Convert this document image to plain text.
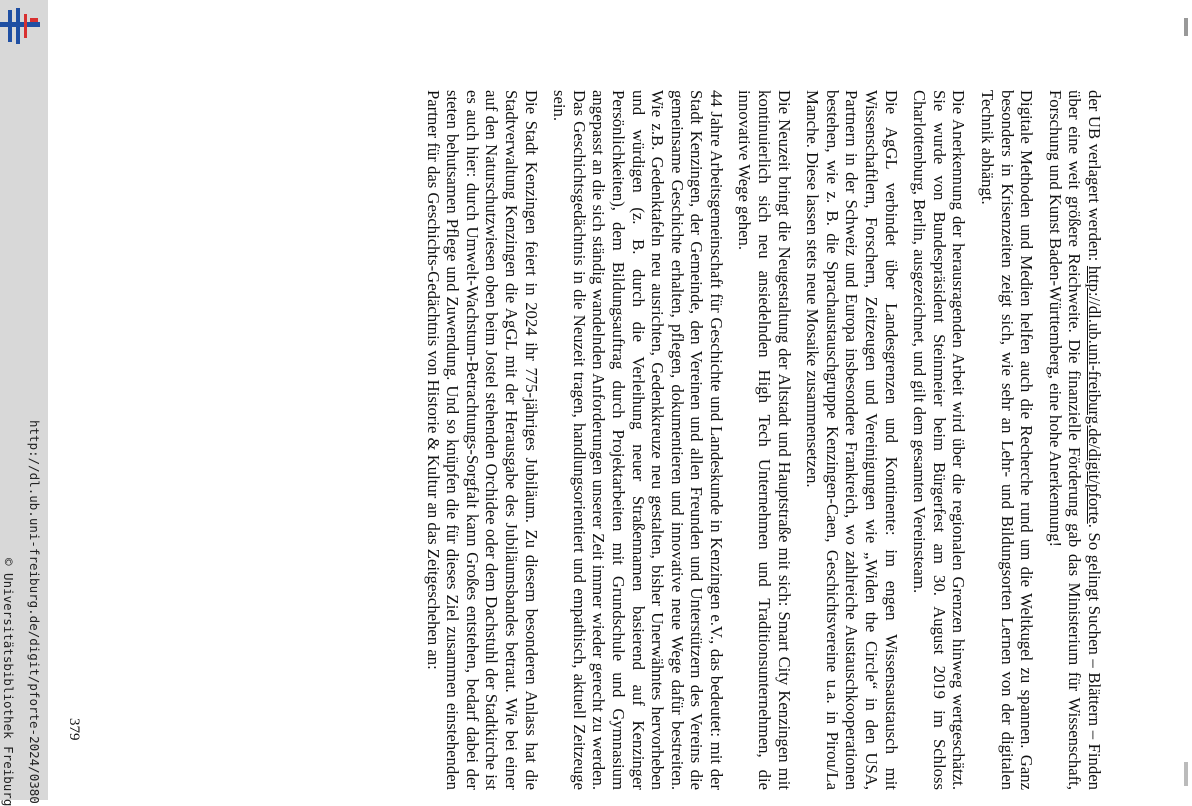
http://dl.ub.uni-freiburg.de/digit/pforte-2024/0380
© Universitätsbibliothek Freiburg

der UB verlagert werden: http://dl.ub.uni-freiburg.de/digit/pforte. So gelingt Suchen – Blättern – Finden über eine weit größere Reichweite. Die finanzielle Förderung gab das Ministerium für Wissenschaft, Forschung und Kunst Baden-Württemberg, eine hohe Anerkennung!

Digitale Methoden und Medien helfen auch die Recherche rund um die Weltkugel zu spannen. Ganz besonders in Krisenzeiten zeigt sich, wie sehr an Lehr- und Bildungsorten Lernen von der digitalen Technik abhängt.

Die Anerkennung der herausragenden Arbeit wird über die regionalen Grenzen hinweg wertgeschätzt. Sie wurde von Bundespräsident Steinmeier beim Bürgerfest am 30. August 2019 im Schloss Charlottenburg, Berlin, ausgezeichnet, und gilt dem gesamten Vereinsteam.

Die AgGL verbindet über Landesgrenzen und Kontinente: im engen Wissensaustausch mit Wissenschaftlern, Forschern, Zeitzeugen und Vereinigungen wie „Widen the Circle“ in den USA, Partnern in der Schweiz und Europa insbesondere Frankreich, wo zahlreiche Austauschkooperationen bestehen, wie z. B. die Sprachaustauschgruppe Kenzingen-Caen, Geschichtsvereine u.a. in Pirou/La Manche. Diese lassen stets neue Mosaike zusammensetzen.

Die Neuzeit bringt die Neugestaltung der Altstadt und Hauptstraße mit sich: Smart City Kenzingen mit kontinuierlich sich neu ansiedelnden High Tech Unternehmen und Traditionsunternehmen, die innovative Wege gehen.

44 Jahre Arbeitsgemeinschaft für Geschichte und Landeskunde in Kenzingen e.V., das bedeutet: mit der Stadt Kenzingen, der Gemeinde, den Vereinen und allen Freunden und Unterstützern des Vereins die gemeinsame Geschichte erhalten, pflegen, dokumentieren und innovative neue Wege dafür bestreiten. Wie z.B. Gedenktafeln neu ausrichten, Gedenkkreuze neu gestalten, bisher Unerwähntes hervorheben und würdigen (z. B. durch die Verleihung neuer Straßennamen basierend auf Kenzinger Persönlichkeiten), dem Bildungsauftrag durch Projektarbeiten mit Grundschule und Gymnasium angepasst an die sich ständig wandelnden Anforderungen unserer Zeit immer wieder gerecht zu werden. Das Geschichtsgedächtnis in die Neuzeit tragen, handlungsorientiert und empathisch, aktuell Zeitzeuge sein.

Die Stadt Kenzingen feiert in 2024 ihr 775-jähriges Jubiläum. Zu diesem besonderen Anlass hat die Stadtverwaltung Kenzingen die AgGL mit der Herausgabe des Jubiläumsbandes betraut. Wie bei einer auf den Naturschutzwiesen oben beim Jostel stehenden Orchidee oder dem Dachstuhl der Stadtkirche ist es auch hier: durch Umwelt-Wachstum-Betrachtungs-Sorgfalt kann Großes entstehen, bedarf dabei der steten behutsamen Pflege und Zuwendung. Und so knüpfen die für dieses Ziel zusammen einstehenden Partner für das Geschichts-Gedächtnis von Historie & Kultur an das Zeitgeschehen an:

379
